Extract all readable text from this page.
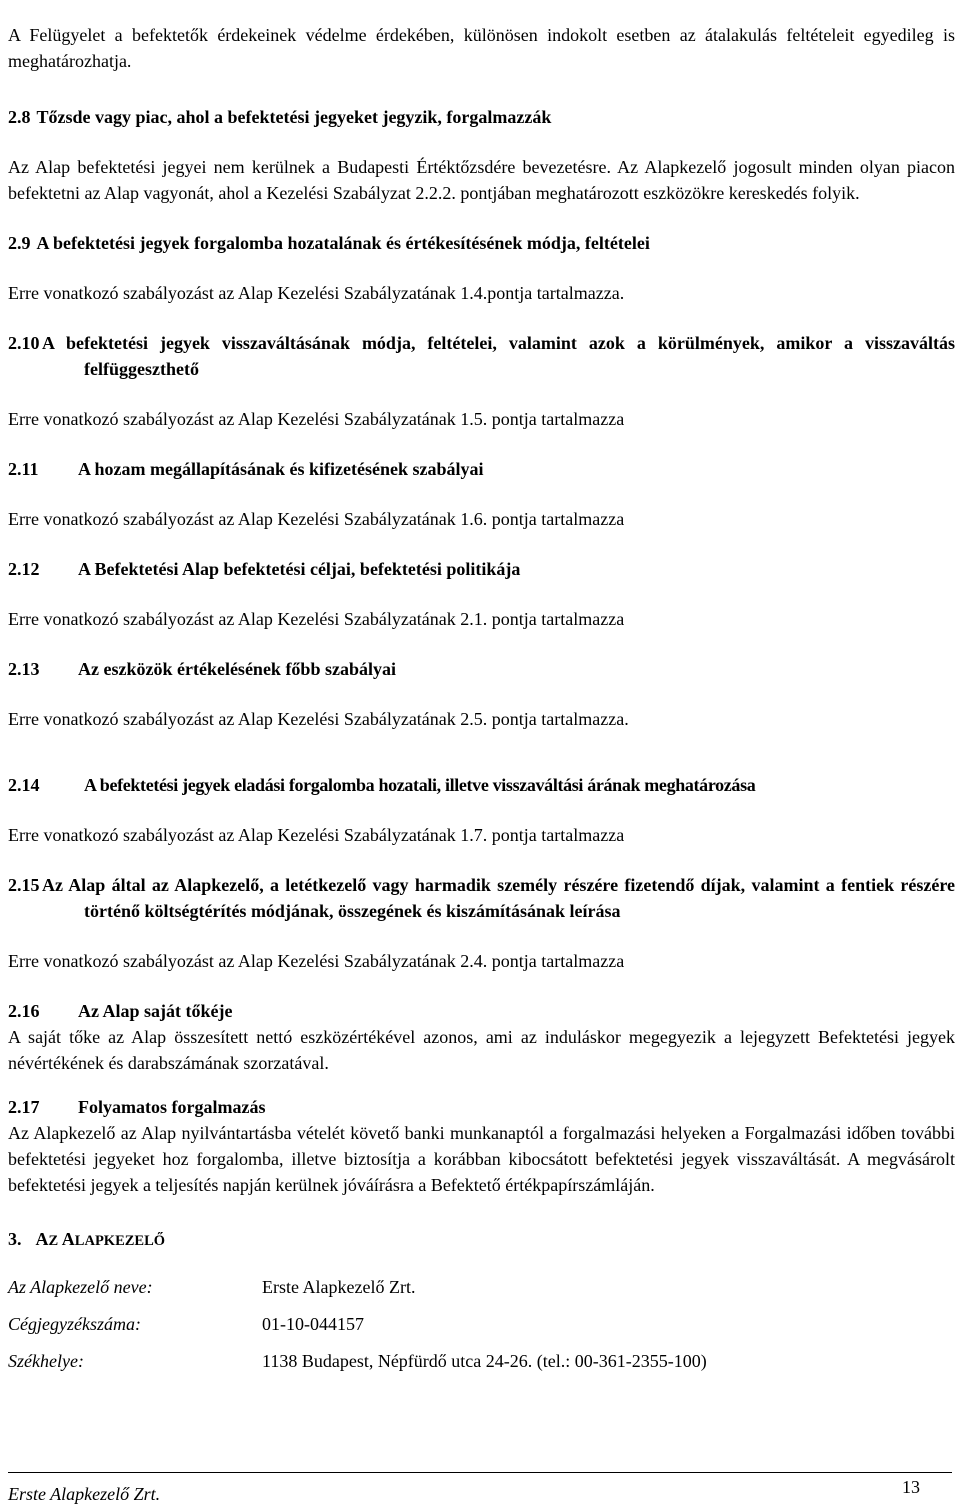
A Felügyelet a befektetők érdekeinek védelme érdekében, különösen indokolt esetben az átalakulás feltételeit egyedileg is meghatározhatja.

2.8 Tőzsde vagy piac, ahol a befektetési jegyeket jegyzik, forgalmazzák

Az Alap befektetési jegyei nem kerülnek a Budapesti Értéktőzsdére bevezetésre. Az Alapkezelő jogosult minden olyan piacon befektetni az Alap vagyonát, ahol a Kezelési Szabályzat 2.2.2. pontjában meghatározott eszközökre kereskedés folyik.

2.9 A befektetési jegyek forgalomba hozatalának és értékesítésének módja, feltételei

Erre vonatkozó szabályozást az Alap Kezelési Szabályzatának 1.4.pontja tartalmazza.

2.10 A befektetési jegyek visszaváltásának módja, feltételei, valamint azok a körülmények, amikor a visszaváltás felfüggeszthető

Erre vonatkozó szabályozást az Alap Kezelési Szabályzatának 1.5. pontja tartalmazza

2.11	A hozam megállapításának és kifizetésének szabályai

Erre vonatkozó szabályozást az Alap Kezelési Szabályzatának 1.6. pontja tartalmazza

2.12	A Befektetési Alap befektetési céljai, befektetési politikája

Erre vonatkozó szabályozást az Alap Kezelési Szabályzatának 2.1. pontja tartalmazza

2.13	Az eszközök értékelésének főbb szabályai

Erre vonatkozó szabályozást az Alap Kezelési Szabályzatának 2.5. pontja tartalmazza.

2.14	A befektetési jegyek eladási forgalomba hozatali, illetve visszaváltási árának meghatározása

Erre vonatkozó szabályozást az Alap Kezelési Szabályzatának 1.7. pontja tartalmazza

2.15 Az Alap által az Alapkezelő, a letétkezelő vagy harmadik személy részére fizetendő díjak, valamint a fentiek részére történő költségtérítés módjának, összegének és kiszámításának leírása

Erre vonatkozó szabályozást az Alap Kezelési Szabályzatának 2.4. pontja tartalmazza

2.16	Az Alap saját tőkéje

A saját tőke az Alap összesített nettó eszközértékével azonos, ami az induláskor megegyezik a lejegyzett Befektetési jegyek névértékének és darabszámának szorzatával.

2.17	Folyamatos forgalmazás

Az Alapkezelő az Alap nyilvántartásba vételét követő banki munkanaptól a forgalmazási helyeken a Forgalmazási időben további befektetési jegyeket hoz forgalomba, illetve biztosítja a korábban kibocsátott befektetési jegyek visszaváltását. A megvásárolt befektetési jegyek a teljesítés napján kerülnek jóváírásra a Befektető értékpapírszámláján.

3. AZ ALAPKEZELŐ
Az Alapkezelő neve:	Erste Alapkezelő Zrt.
Cégjegyzékszáma:	01-10-044157
Székhelye:	1138 Budapest, Népfürdő utca 24-26. (tel.: 00-361-2355-100)
Erste Alapkezelő Zrt.	13
